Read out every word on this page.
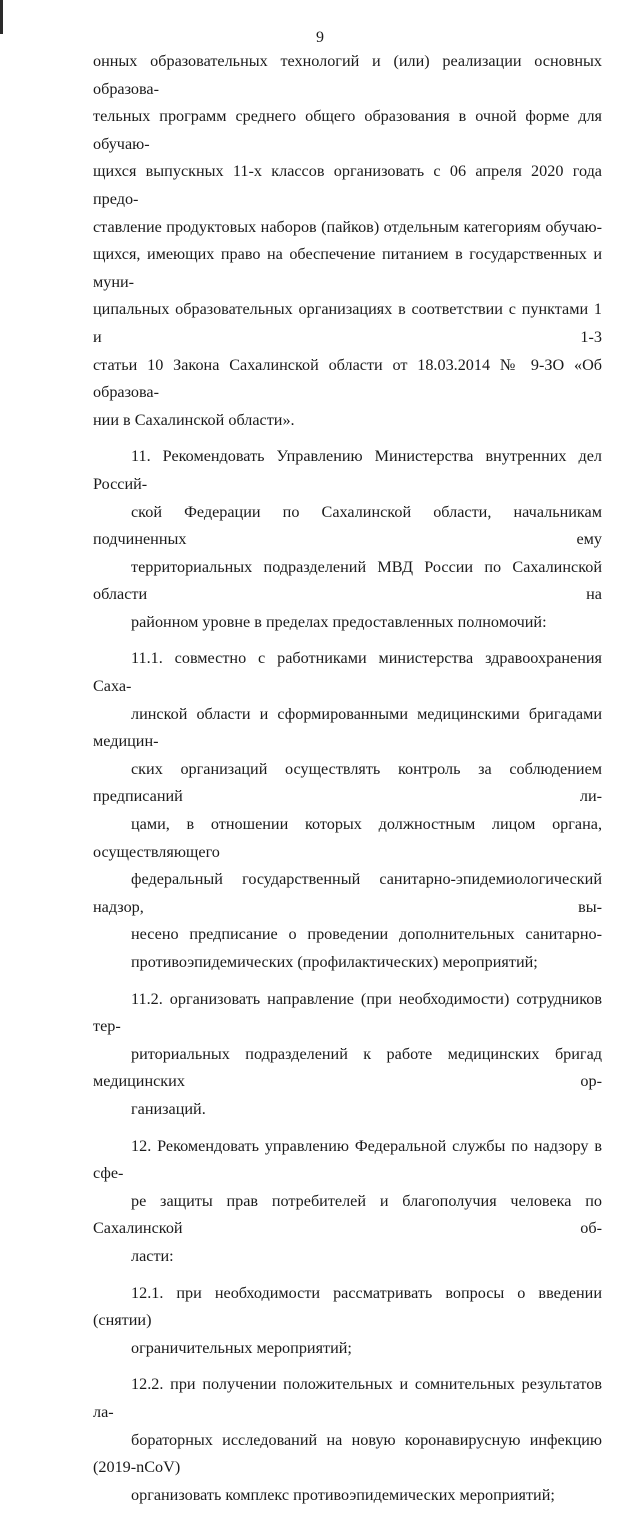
9

онных образовательных технологий и (или) реализации основных образова-
тельных программ среднего общего образования в очной форме для обучаю-
щихся выпускных 11-х классов организовать с 06 апреля 2020 года предо-
ставление продуктовых наборов (пайков) отдельным категориям обучаю-
щихся, имеющих право на обеспечение питанием в государственных и муни-
ципальных образовательных организациях в соответствии с пунктами 1 и 1-3
статьи 10 Закона Сахалинской области от 18.03.2014 № 9-ЗО «Об образова-
нии в Сахалинской области».

11. Рекомендовать Управлению Министерства внутренних дел Россий-
ской Федерации по Сахалинской области, начальникам подчиненных ему
территориальных подразделений МВД России по Сахалинской области на
районном уровне в пределах предоставленных полномочий:

11.1. совместно с работниками министерства здравоохранения Саха-
линской области и сформированными медицинскими бригадами медицин-
ских организаций осуществлять контроль за соблюдением предписаний ли-
цами, в отношении которых должностным лицом органа, осуществляющего
федеральный государственный санитарно-эпидемиологический надзор, вы-
несено предписание о проведении дополнительных санитарно-
противоэпидемических (профилактических) мероприятий;

11.2. организовать направление (при необходимости) сотрудников тер-
риториальных подразделений к работе медицинских бригад медицинских ор-
ганизаций.

12. Рекомендовать управлению Федеральной службы по надзору в сфе-
ре защиты прав потребителей и благополучия человека по Сахалинской об-
ласти:

12.1. при необходимости рассматривать вопросы о введении (снятии)
ограничительных мероприятий;

12.2. при получении положительных и сомнительных результатов ла-
бораторных исследований на новую коронавирусную инфекцию (2019-nCoV)
организовать комплекс противоэпидемических мероприятий;
